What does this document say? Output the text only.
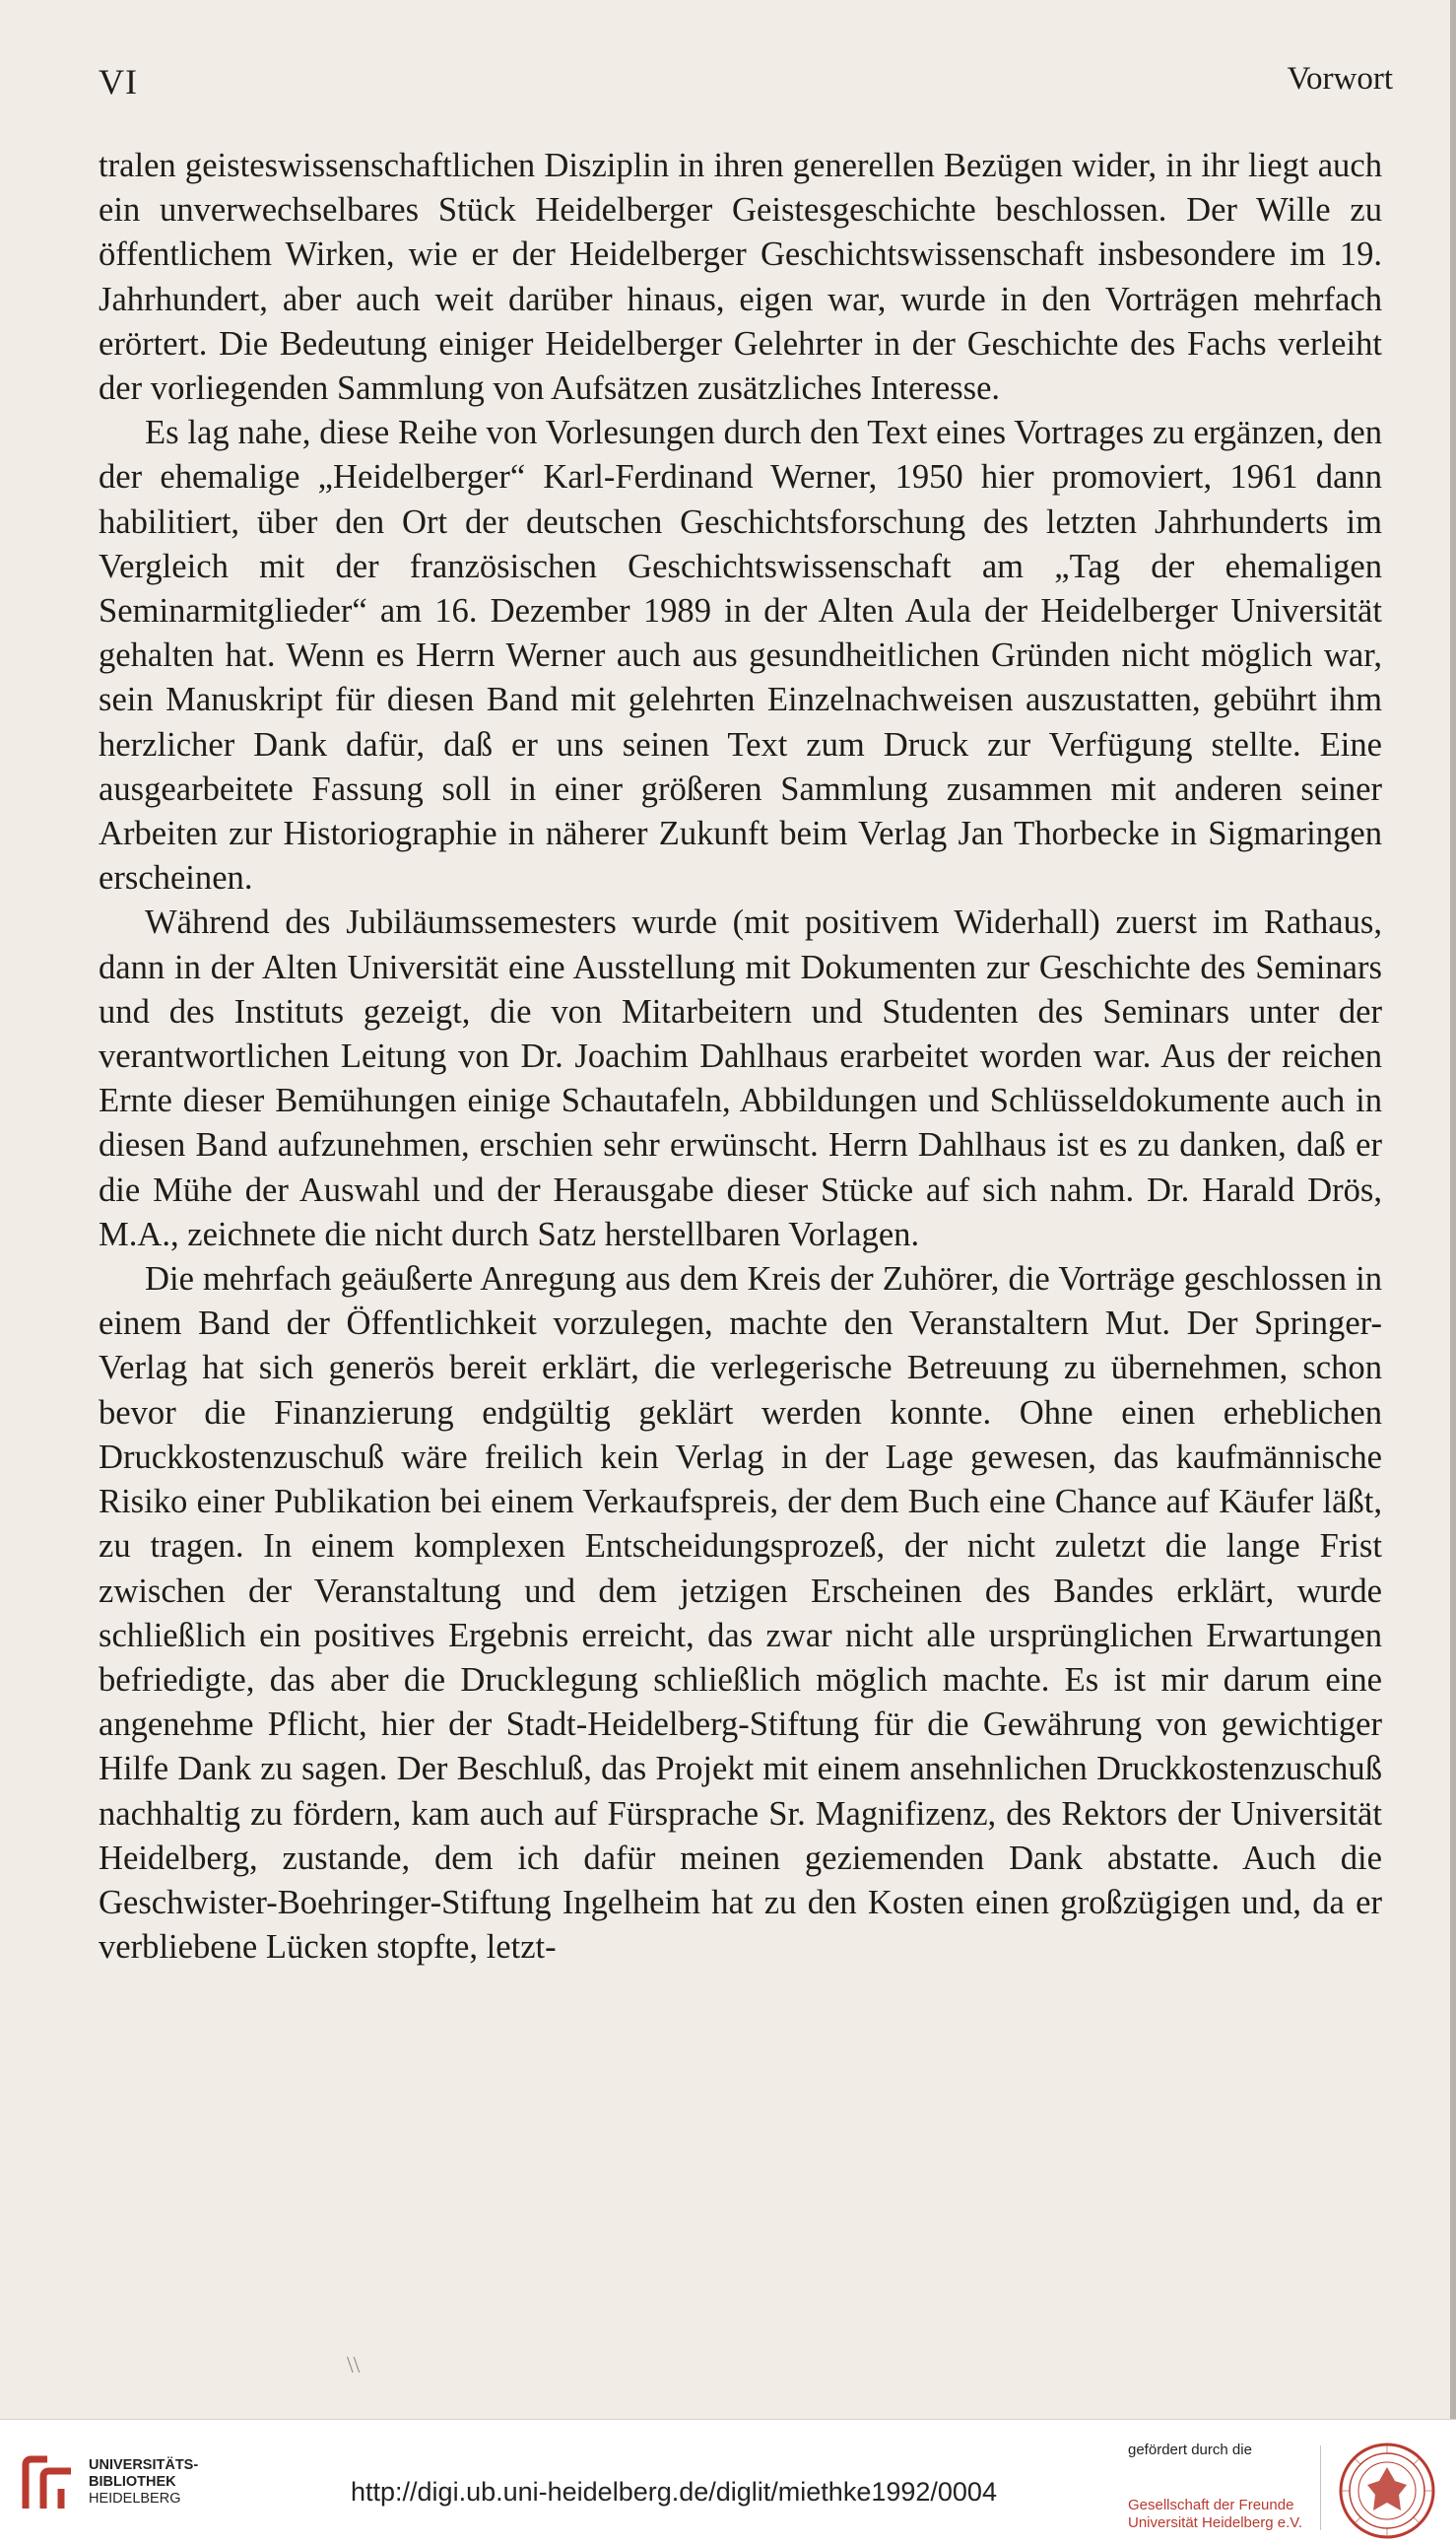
VI	Vorwort

tralen geisteswissenschaftlichen Disziplin in ihren generellen Bezügen wider, in ihr liegt auch ein unverwechselbares Stück Heidelberger Geistesgeschichte beschlossen. Der Wille zu öffentlichem Wirken, wie er der Heidelberger Geschichtswissenschaft insbesondere im 19. Jahrhundert, aber auch weit darüber hinaus, eigen war, wurde in den Vorträgen mehrfach erörtert. Die Bedeutung einiger Heidelberger Gelehrter in der Geschichte des Fachs verleiht der vorliegenden Sammlung von Aufsätzen zusätzliches Interesse.

Es lag nahe, diese Reihe von Vorlesungen durch den Text eines Vortrages zu ergänzen, den der ehemalige „Heidelberger“ Karl-Ferdinand Werner, 1950 hier promoviert, 1961 dann habilitiert, über den Ort der deutschen Geschichtsforschung des letzten Jahrhunderts im Vergleich mit der französischen Geschichtswissenschaft am „Tag der ehemaligen Seminarmitglieder“ am 16. Dezember 1989 in der Alten Aula der Heidelberger Universität gehalten hat. Wenn es Herrn Werner auch aus gesundheitlichen Gründen nicht möglich war, sein Manuskript für diesen Band mit gelehrten Einzelnachweisen auszustatten, gebührt ihm herzlicher Dank dafür, daß er uns seinen Text zum Druck zur Verfügung stellte. Eine ausgearbeitete Fassung soll in einer größeren Sammlung zusammen mit anderen seiner Arbeiten zur Historiographie in näherer Zukunft beim Verlag Jan Thorbecke in Sigmaringen erscheinen.

Während des Jubiläumssemesters wurde (mit positivem Widerhall) zuerst im Rathaus, dann in der Alten Universität eine Ausstellung mit Dokumenten zur Geschichte des Seminars und des Instituts gezeigt, die von Mitarbeitern und Studenten des Seminars unter der verantwortlichen Leitung von Dr. Joachim Dahlhaus erarbeitet worden war. Aus der reichen Ernte dieser Bemühungen einige Schautafeln, Abbildungen und Schlüsseldokumente auch in diesen Band aufzunehmen, erschien sehr erwünscht. Herrn Dahlhaus ist es zu danken, daß er die Mühe der Auswahl und der Herausgabe dieser Stücke auf sich nahm. Dr. Harald Drös, M.A., zeichnete die nicht durch Satz herstellbaren Vorlagen.

Die mehrfach geäußerte Anregung aus dem Kreis der Zuhörer, die Vorträge geschlossen in einem Band der Öffentlichkeit vorzulegen, machte den Veranstaltern Mut. Der Springer-Verlag hat sich generös bereit erklärt, die verlegerische Betreuung zu übernehmen, schon bevor die Finanzierung endgültig geklärt werden konnte. Ohne einen erheblichen Druckkostenzuschuß wäre freilich kein Verlag in der Lage gewesen, das kaufmännische Risiko einer Publikation bei einem Verkaufspreis, der dem Buch eine Chance auf Käufer läßt, zu tragen. In einem komplexen Entscheidungsprozeß, der nicht zuletzt die lange Frist zwischen der Veranstaltung und dem jetzigen Erscheinen des Bandes erklärt, wurde schließlich ein positives Ergebnis erreicht, das zwar nicht alle ursprünglichen Erwartungen befriedigte, das aber die Drucklegung schließlich möglich machte. Es ist mir darum eine angenehme Pflicht, hier der Stadt-Heidelberg-Stiftung für die Gewährung von gewichtiger Hilfe Dank zu sagen. Der Beschluß, das Projekt mit einem ansehnlichen Druckkostenzuschuß nachhaltig zu fördern, kam auch auf Fürsprache Sr. Magnifizenz, des Rektors der Universität Heidelberg, zustande, dem ich dafür meinen geziemenden Dank abstatte. Auch die Geschwister-Boehringer-Stiftung Ingelheim hat zu den Kosten einen großzügigen und, da er verbliebene Lücken stopfte, letzt-

\\
UNIVERSITÄTS-
BIBLIOTHEK
HEIDELBERG	http://digi.ub.uni-heidelberg.de/diglit/miethke1992/0004
gefördert durch die
Gesellschaft der Freunde
Universität Heidelberg e.V.
